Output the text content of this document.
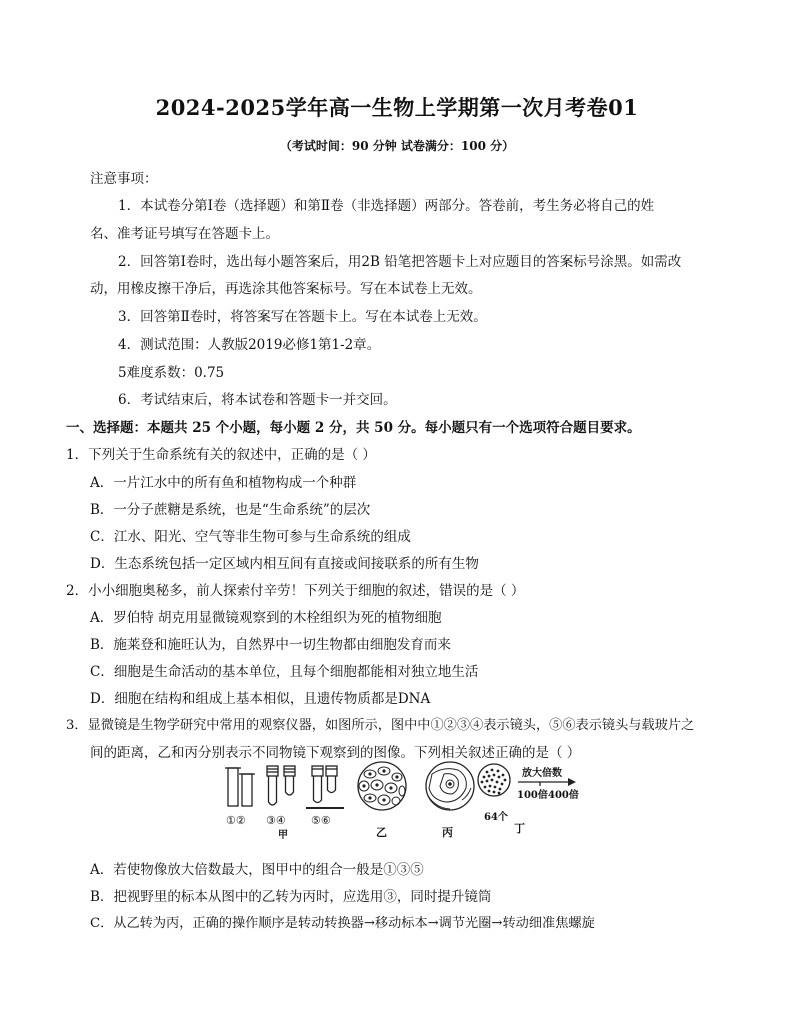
2024-2025学年高一生物上学期第一次月考卷01
（考试时间：90 分钟 试卷满分：100 分）
注意事项：
1．本试卷分第Ⅰ卷（选择题）和第Ⅱ卷（非选择题）两部分。答卷前，考生务必将自己的姓
名、准考证号填写在答题卡上。
2．回答第Ⅰ卷时，选出每小题答案后，用2B 铅笔把答题卡上对应题目的答案标号涂黑。如需改
动，用橡皮擦干净后，再选涂其他答案标号。写在本试卷上无效。
3．回答第Ⅱ卷时，将答案写在答题卡上。写在本试卷上无效。
4．测试范围：人教版2019必修1第1-2章。
5难度系数：0.75
6．考试结束后，将本试卷和答题卡一并交回。
一、选择题：本题共 25 个小题，每小题 2 分，共 50 分。每小题只有一个选项符合题目要求。
1．下列关于生命系统有关的叙述中，正确的是（ ）
A．一片江水中的所有鱼和植物构成一个种群
B．一分子蔗糖是系统，也是“生命系统”的层次
C．江水、阳光、空气等非生物可参与生命系统的组成
D．生态系统包括一定区域内相互间有直接或间接联系的所有生物
2．小小细胞奥秘多，前人探索付辛劳！下列关于细胞的叙述，错误的是（ ）
A．罗伯特 胡克用显微镜观察到的木栓组织为死的植物细胞
B．施莱登和施旺认为，自然界中一切生物都由细胞发育而来
C．细胞是生命活动的基本单位，且每个细胞都能相对独立地生活
D．细胞在结构和组成上基本相似，且遗传物质都是DNA
3．显微镜是生物学研究中常用的观察仪器，如图所示，图中中①②③④表示镜头，⑤⑥表示镜头与载玻片之
间的距离，乙和丙分别表示不同物镜下观察到的图像。下列相关叙述正确的是（ ）
①② ③④ ⑤⑥
甲	乙	丙
64个
丁
放大倍数
100倍 400倍
A．若使物像放大倍数最大，图甲中的组合一般是①③⑤
B．把视野里的标本从图中的乙转为丙时，应选用③，同时提升镜筒
C．从乙转为丙，正确的操作顺序是转动转换器→移动标本→调节光圈→转动细准焦螺旋
